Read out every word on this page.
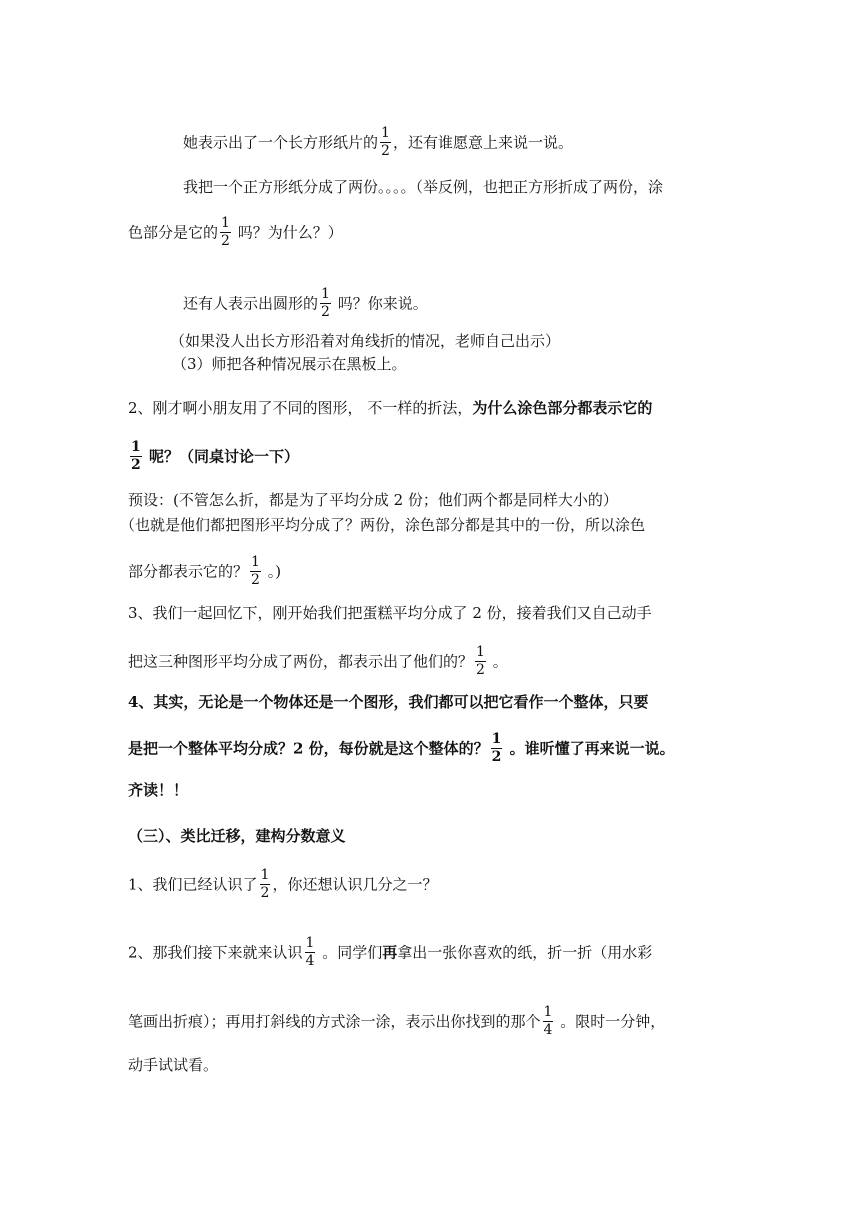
她表示出了一个长方形纸片的 $\frac{1}{2}$ ，还有谁愿意上来说一说。
我把一个正方形纸分成了两份。。。。（举反例，也把正方形折成了两份，涂
色部分是它的 $\frac{1}{2}$ 吗？为什么？）
还有人表示出圆形的 $\frac{1}{2}$ 吗？你来说。
（如果没人出长方形沿着对角线折的情况，老师自己出示）
（3）师把各种情况展示在黑板上。
2、刚才啊小朋友用了不同的图形， 不一样的折法，为什么涂色部分都表示它的
$\frac{1}{2}$ 呢？（同桌讨论一下）
预设：(不管怎么折，都是为了平均分成 2 份；他们两个都是同样大小的）
（也就是他们都把图形平均分成了？两份，涂色部分都是其中的一份，所以涂色
部分都表示它的？ $\frac{1}{2}$ 。)
3、我们一起回忆下，刚开始我们把蛋糕平均分成了 2 份，接着我们又自己动手
把这三种图形平均分成了两份，都表示出了他们的？ $\frac{1}{2}$ 。
4、其实，无论是一个物体还是一个图形，我们都可以把它看作一个整体，只要
是把一个整体平均分成？2 份，每份就是这个整体的？ $\frac{1}{2}$ 。谁听懂了再来说一说。
齐读！！
（三）、类比迁移，建构分数意义
1、我们已经认识了 $\frac{1}{2}$ ，你还想认识几分之一？
2、那我们接下来就来认识 $\frac{1}{4}$ 。同学们再拿出一张你喜欢的纸，折一折（用水彩
笔画出折痕）；再用打斜线的方式涂一涂，表示出你找到的那个 $\frac{1}{4}$ 。限时一分钟，
动手试试看。
